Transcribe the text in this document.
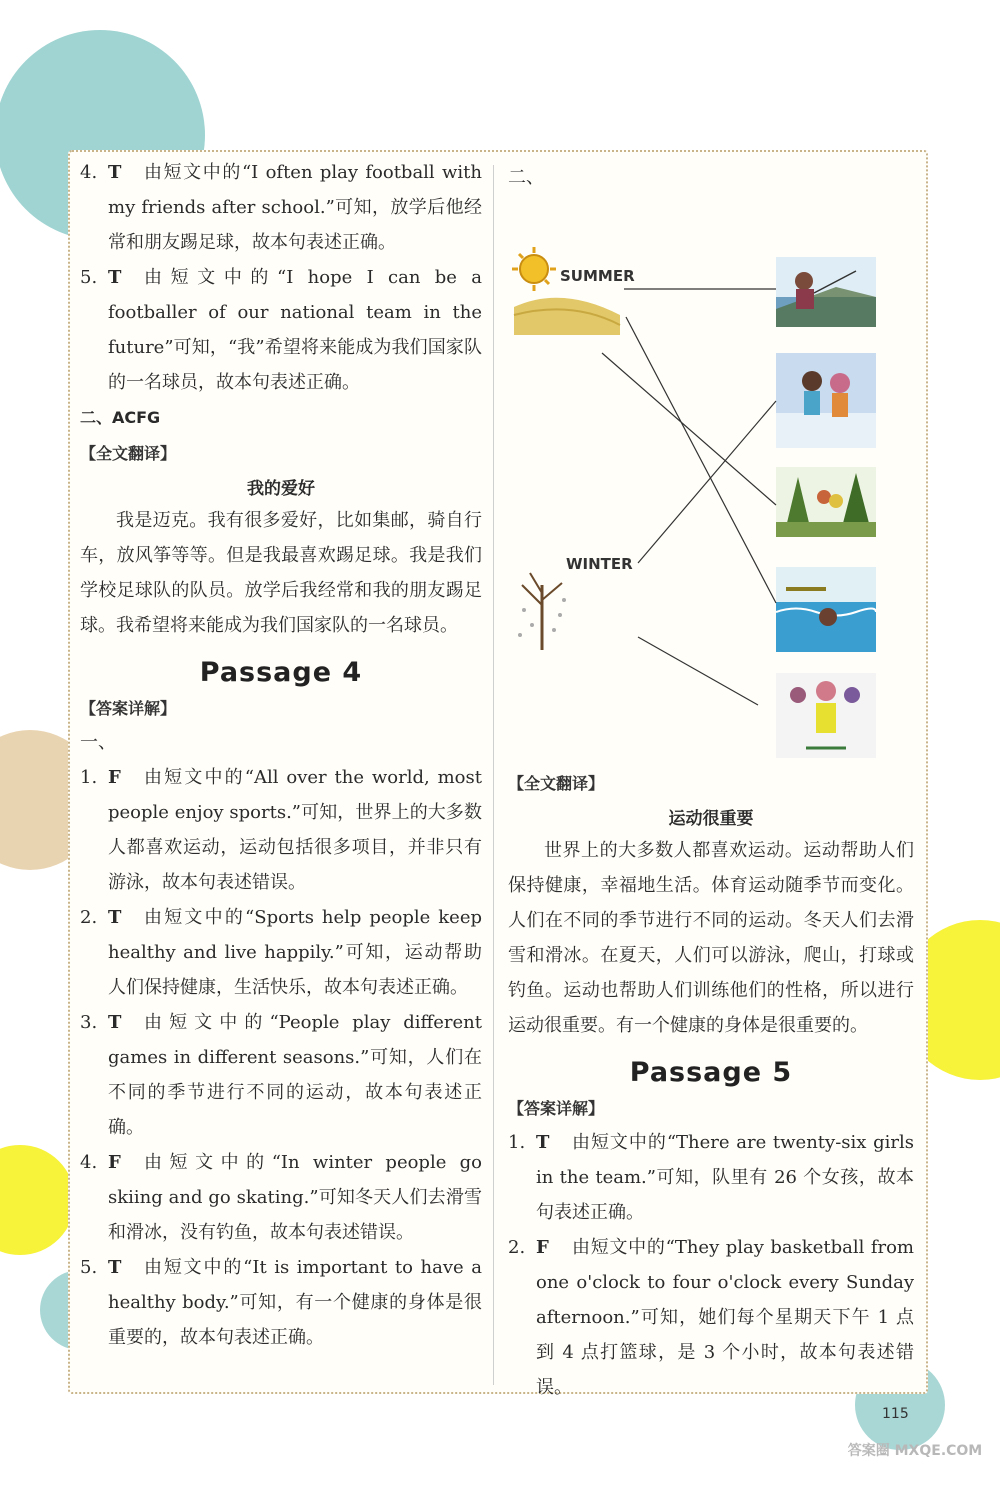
4. T	由短文中的“I often play football with my friends after school.”可知，放学后他经常和朋友踢足球，故本句表述正确。
5. T	由短文中的“I hope I can be a footballer of our national team in the future”可知，“我”希望将来能成为我们国家队的一名球员，故本句表述正确。
二、ACFG
【全文翻译】
我的爱好
我是迈克。我有很多爱好，比如集邮，骑自行车，放风筝等等。但是我最喜欢踢足球。我是我们学校足球队的队员。放学后我经常和我的朋友踢足球。我希望将来能成为我们国家队的一名球员。
Passage 4
【答案详解】
一、
1. F	由短文中的“All over the world, most people enjoy sports.”可知，世界上的大多数人都喜欢运动，运动包括很多项目，并非只有游泳，故本句表述错误。
2. T	由短文中的“Sports help people keep healthy and live happily.”可知，运动帮助人们保持健康，生活快乐，故本句表述正确。
3. T	由短文中的“People play different games in different seasons.”可知，人们在不同的季节进行不同的运动，故本句表述正确。
4. F	由短文中的“In winter people go skiing and go skating.”可知冬天人们去滑雪和滑冰，没有钓鱼，故本句表述错误。
5. T	由短文中的“It is important to have a healthy body.”可知，有一个健康的身体是很重要的，故本句表述正确。
二、
SUMMER
WINTER
【全文翻译】
运动很重要
世界上的大多数人都喜欢运动。运动帮助人们保持健康，幸福地生活。体育运动随季节而变化。人们在不同的季节进行不同的运动。冬天人们去滑雪和滑冰。在夏天，人们可以游泳，爬山，打球或钓鱼。运动也帮助人们训练他们的性格，所以进行运动很重要。有一个健康的身体是很重要的。
Passage 5
【答案详解】
1. T	由短文中的“There are twenty-six girls in the team.”可知，队里有 26 个女孩，故本句表述正确。
2. F	由短文中的“They play basketball from one o'clock to four o'clock every Sunday afternoon.”可知，她们每个星期天下午 1 点到 4 点打篮球，是 3 个小时，故本句表述错误。
115
答案圈 MXQE.COM
